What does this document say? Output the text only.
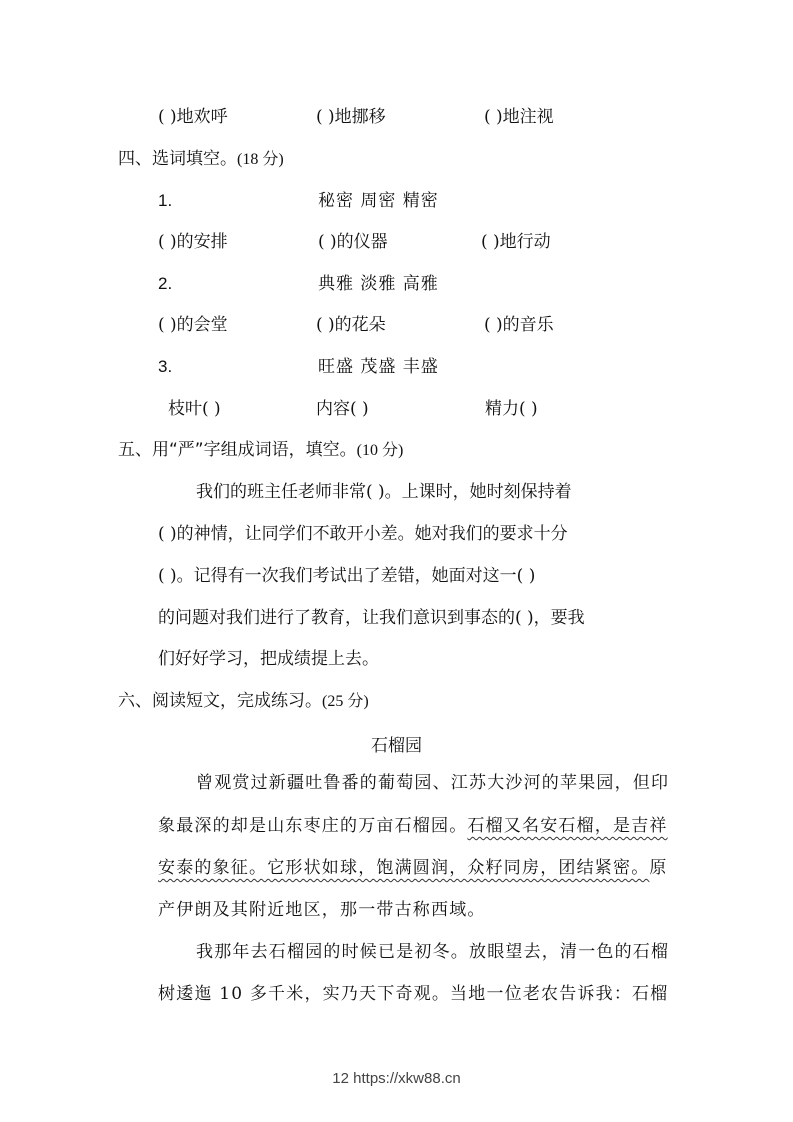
( )地欢呼	( )地挪移	( )地注视
四、选词填空。(18 分)
1.	秘密 周密 精密
( )的安排	( )的仪器	( )地行动
2.	典雅 淡雅 高雅
( )的会堂	( )的花朵	( )的音乐
3.	旺盛 茂盛 丰盛
枝叶( )	内容( )	精力( )
五、用“严”字组成词语，填空。(10 分)
我们的班主任老师非常( )。上课时，她时刻保持着
( )的神情，让同学们不敢开小差。她对我们的要求十分
( )。记得有一次我们考试出了差错，她面对这一( )
的问题对我们进行了教育，让我们意识到事态的( )，要我
们好好学习，把成绩提上去。
六、阅读短文，完成练习。(25 分)
石榴园
曾观赏过新疆吐鲁番的葡萄园、江苏大沙河的苹果园，但印
象最深的却是山东枣庄的万亩石榴园。石榴又名安石榴，是吉祥
安泰的象征。它形状如球，饱满圆润，众籽同房，团结紧密。原
产伊朗及其附近地区，那一带古称西域。
我那年去石榴园的时候已是初冬。放眼望去，清一色的石榴
树逶迤 10 多千米，实乃天下奇观。当地一位老农告诉我：石榴
12 https://xkw88.cn
